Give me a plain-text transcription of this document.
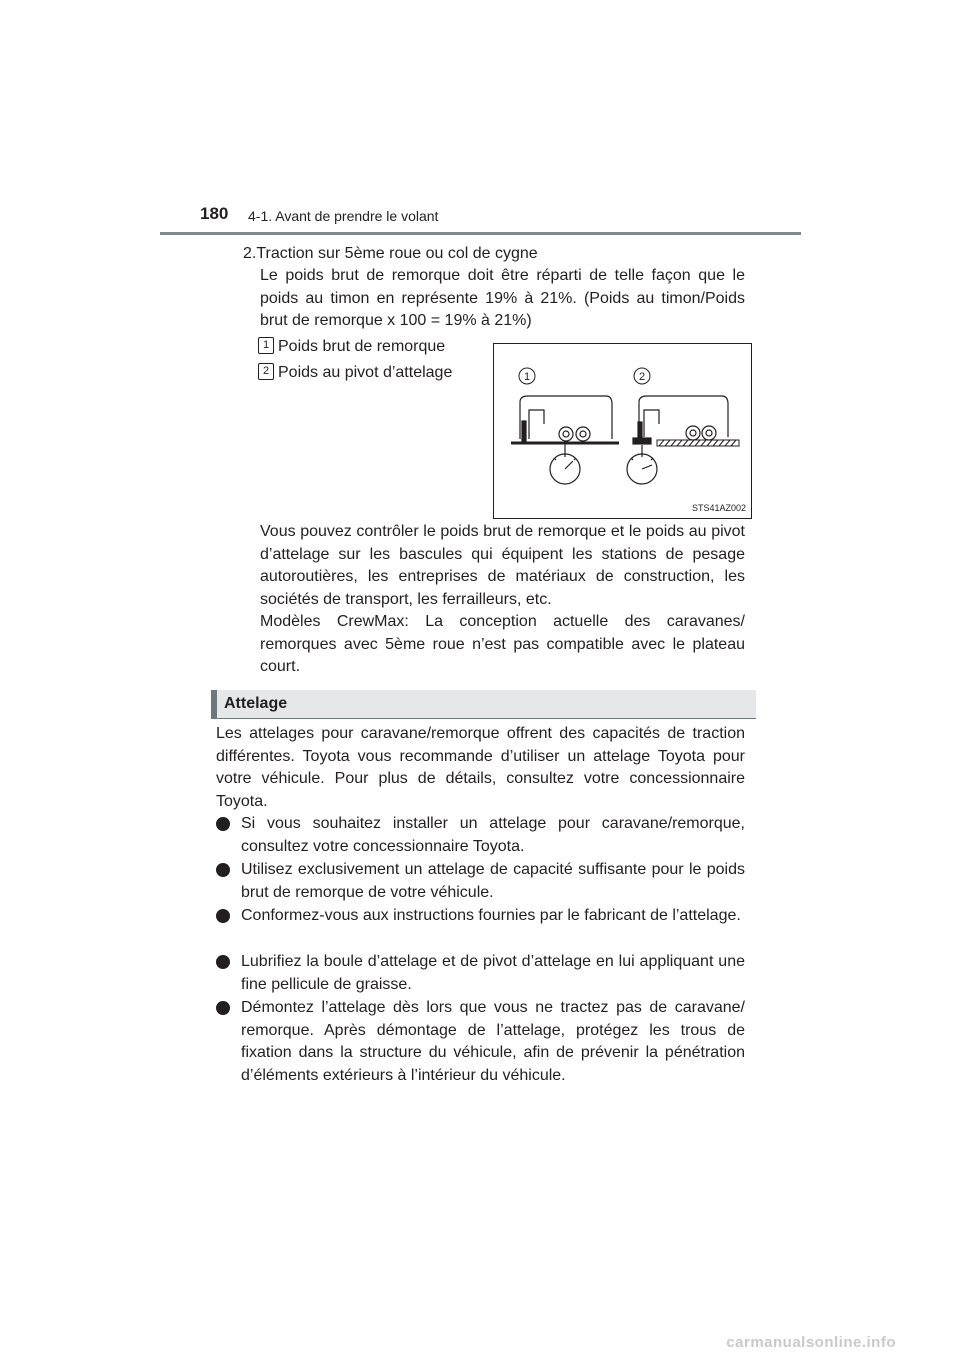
180 4-1. Avant de prendre le volant
2.Traction sur 5ème roue ou col de cygne
Le poids brut de remorque doit être réparti de telle façon que le poids au timon en représente 19% à 21%. (Poids au timon/Poids brut de remorque x 100 = 19% à 21%)
1 Poids brut de remorque
2 Poids au pivot d’attelage	1	2
STS41AZ002
Vous pouvez contrôler le poids brut de remorque et le poids au pivot d’attelage sur les bascules qui équipent les stations de pesage autoroutières, les entreprises de matériaux de construction, les sociétés de transport, les ferrailleurs, etc.
Modèles CrewMax: La conception actuelle des caravanes/ remorques avec 5ème roue n’est pas compatible avec le plateau court.
Attelage
Les attelages pour caravane/remorque offrent des capacités de traction différentes. Toyota vous recommande d’utiliser un attelage Toyota pour votre véhicule. Pour plus de détails, consultez votre concessionnaire Toyota.
Si vous souhaitez installer un attelage pour caravane/remorque, consultez votre concessionnaire Toyota.
Utilisez exclusivement un attelage de capacité suffisante pour le poids brut de remorque de votre véhicule.
Conformez-vous aux instructions fournies par le fabricant de l’attelage.
Lubrifiez la boule d’attelage et de pivot d’attelage en lui appliquant une fine pellicule de graisse.
Démontez l’attelage dès lors que vous ne tractez pas de caravane/ remorque. Après démontage de l’attelage, protégez les trous de fixation dans la structure du véhicule, afin de prévenir la pénétration d’éléments extérieurs à l’intérieur du véhicule.
carmanualsonline.info
